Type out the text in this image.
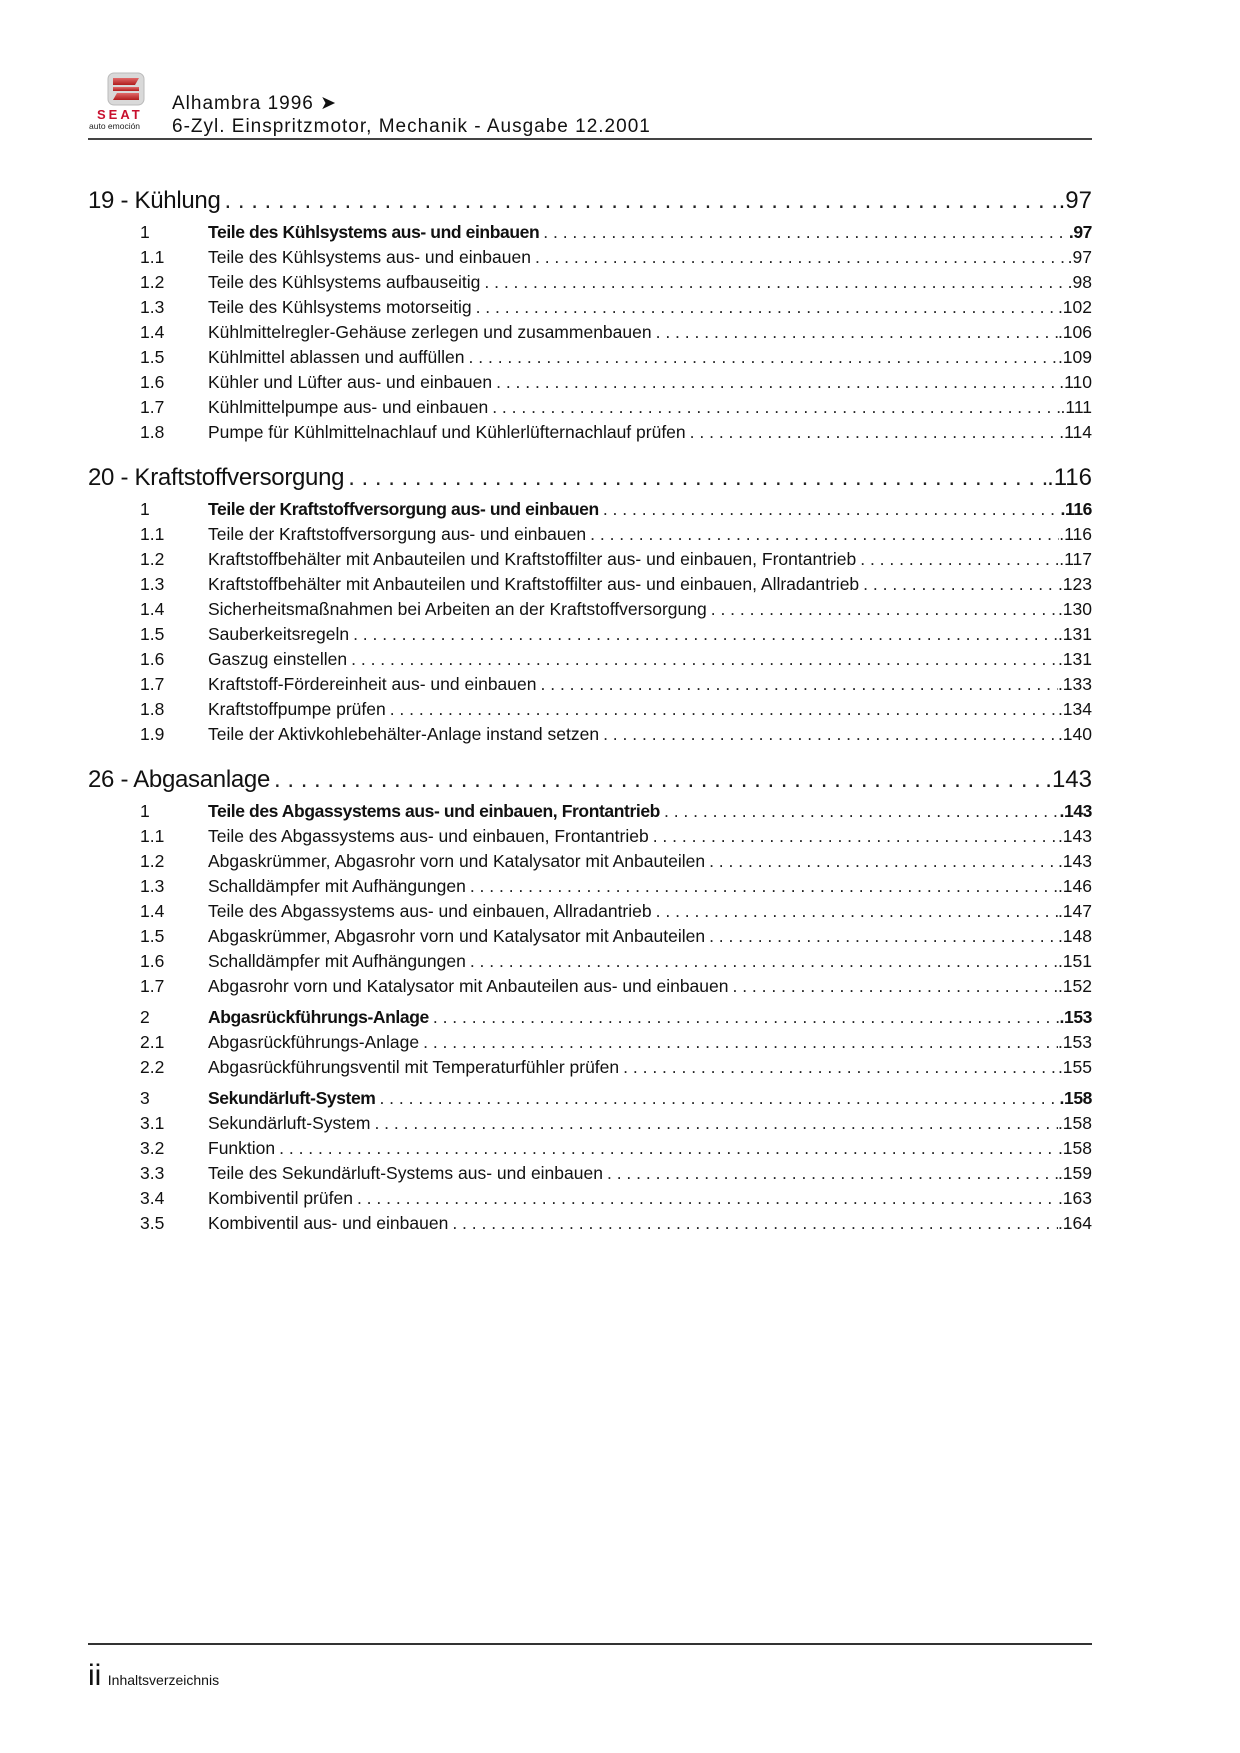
SEAT
auto emoción
Alhambra 1996 ➤
6-Zyl. Einspritzmotor, Mechanik - Ausgabe 12.2001
19 - Kühlung . . .	.97
1	Teile des Kühlsystems aus- und einbauen . . .	.97
1.1	Teile des Kühlsystems aus- und einbauen . . .	.97
1.2	Teile des Kühlsystems aufbauseitig . . .	.98
1.3	Teile des Kühlsystems motorseitig . . .	.102
1.4	Kühlmittelregler-Gehäuse zerlegen und zusammenbauen . . .	.106
1.5	Kühlmittel ablassen und auffüllen . . .	.109
1.6	Kühler und Lüfter aus- und einbauen . . .	.110
1.7	Kühlmittelpumpe aus- und einbauen . . .	.111
1.8	Pumpe für Kühlmittelnachlauf und Kühlerlüfternachlauf prüfen . . .	.114
20 - Kraftstoffversorgung . . .	.116
1	Teile der Kraftstoffversorgung aus- und einbauen . . .	.116
1.1	Teile der Kraftstoffversorgung aus- und einbauen . . .	.116
1.2	Kraftstoffbehälter mit Anbauteilen und Kraftstoffilter aus- und einbauen, Frontantrieb . . .	.117
1.3	Kraftstoffbehälter mit Anbauteilen und Kraftstoffilter aus- und einbauen, Allradantrieb . . .	.123
1.4	Sicherheitsmaßnahmen bei Arbeiten an der Kraftstoffversorgung . . .	.130
1.5	Sauberkeitsregeln . . .	.131
1.6	Gaszug einstellen . . .	.131
1.7	Kraftstoff-Fördereinheit aus- und einbauen . . .	.133
1.8	Kraftstoffpumpe prüfen . . .	.134
1.9	Teile der Aktivkohlebehälter-Anlage instand setzen . . .	.140
26 - Abgasanlage . . .	.143
1	Teile des Abgassystems aus- und einbauen, Frontantrieb . . .	.143
1.1	Teile des Abgassystems aus- und einbauen, Frontantrieb . . .	.143
1.2	Abgaskrümmer, Abgasrohr vorn und Katalysator mit Anbauteilen . . .	.143
1.3	Schalldämpfer mit Aufhängungen . . .	.146
1.4	Teile des Abgassystems aus- und einbauen, Allradantrieb . . .	.147
1.5	Abgaskrümmer, Abgasrohr vorn und Katalysator mit Anbauteilen . . .	.148
1.6	Schalldämpfer mit Aufhängungen . . .	.151
1.7	Abgasrohr vorn und Katalysator mit Anbauteilen aus- und einbauen . . .	.152
2	Abgasrückführungs-Anlage . . .	.153
2.1	Abgasrückführungs-Anlage . . .	.153
2.2	Abgasrückführungsventil mit Temperaturfühler prüfen . . .	.155
3	Sekundärluft-System . . .	.158
3.1	Sekundärluft-System . . .	.158
3.2	Funktion . . .	.158
3.3	Teile des Sekundärluft-Systems aus- und einbauen . . .	.159
3.4	Kombiventil prüfen . . .	.163
3.5	Kombiventil aus- und einbauen . . .	.164
ii Inhaltsverzeichnis
